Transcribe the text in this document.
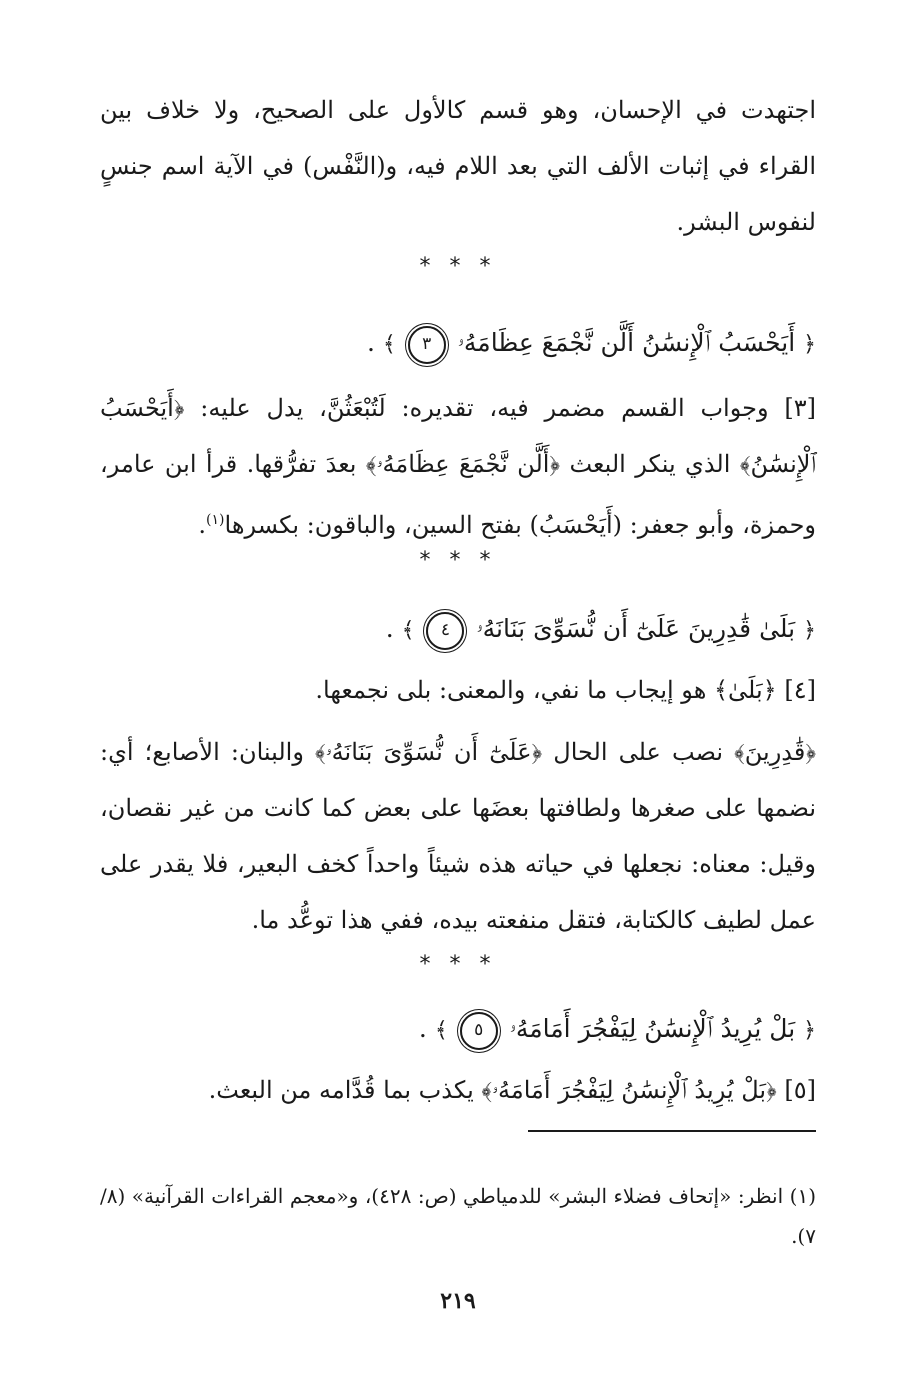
اجتهدت في الإحسان، وهو قسم كالأول على الصحيح، ولا خلاف بين القراء في إثبات الألف التي بعد اللام فيه، و(النَّفْس) في الآية اسم جنسٍ لنفوس البشر.

* * *
﴿ أَيَحْسَبُ ٱلْإِنسَٰنُ أَلَّن نَّجْمَعَ عِظَامَهُۥ ٣ ﴾ .

[٣] وجواب القسم مضمر فيه، تقديره: لَتُبْعَثُنَّ، يدل عليه: ﴿أَيَحْسَبُ ٱلْإِنسَٰنُ﴾ الذي ينكر البعث ﴿أَلَّن نَّجْمَعَ عِظَامَهُۥ﴾ بعدَ تفرُّقها. قرأ ابن عامر، وحمزة، وأبو جعفر: (أَيَحْسَبُ) بفتح السين، والباقون: بكسرها$^{(١)}$.

* * *
﴿ بَلَىٰ قَٰدِرِينَ عَلَىٰٓ أَن نُّسَوِّىَ بَنَانَهُۥ ٤ ﴾ .

[٤] ﴿بَلَىٰ﴾ هو إيجاب ما نفي، والمعنى: بلى نجمعها.

﴿قَٰدِرِينَ﴾ نصب على الحال ﴿عَلَىٰٓ أَن نُّسَوِّىَ بَنَانَهُۥ﴾ والبنان: الأصابع؛ أي: نضمها على صغرها ولطافتها بعضَها على بعض كما كانت من غير نقصان، وقيل: معناه: نجعلها في حياته هذه شيئاً واحداً كخف البعير، فلا يقدر على عمل لطيف كالكتابة، فتقل منفعته بيده، ففي هذا توعُّد ما.

* * *
﴿ بَلْ يُرِيدُ ٱلْإِنسَٰنُ لِيَفْجُرَ أَمَامَهُۥ ٥ ﴾ .

[٥] ﴿بَلْ يُرِيدُ ٱلْإِنسَٰنُ لِيَفْجُرَ أَمَامَهُۥ﴾ يكذب بما قُدَّامه من البعث.

(١) انظر: «إتحاف فضلاء البشر» للدمياطي (ص: ٤٢٨)، و«معجم القراءات القرآنية» (٨/ ٧).

٢١٩
